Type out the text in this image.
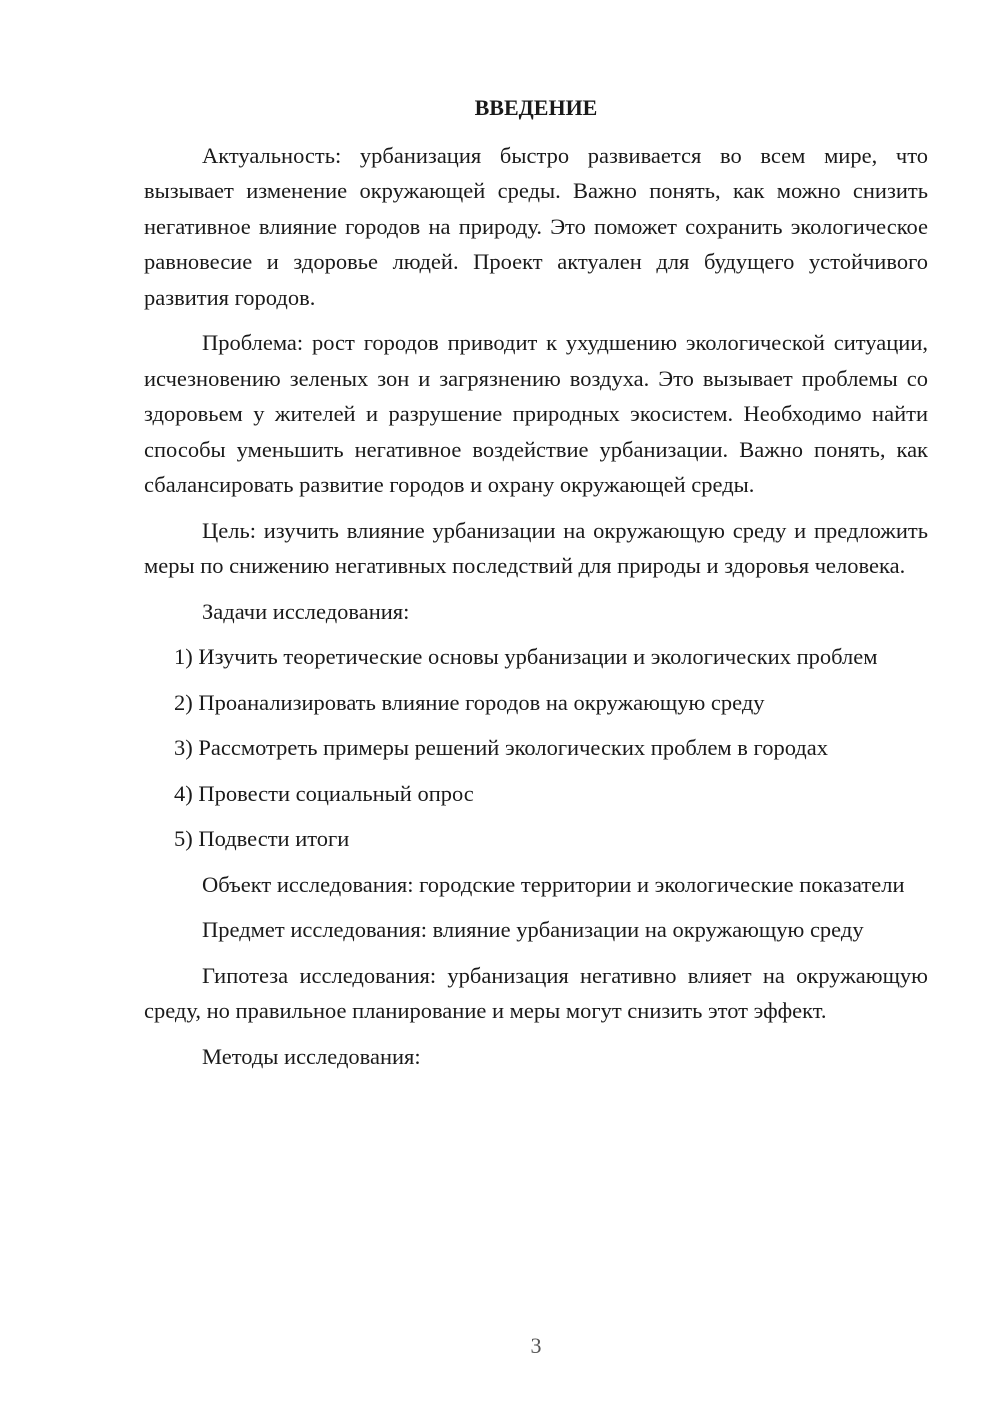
ВВЕДЕНИЕ

Актуальность: урбанизация быстро развивается во всем мире, что вызывает изменение окружающей среды. Важно понять, как можно снизить негативное влияние городов на природу. Это поможет сохранить экологическое равновесие и здоровье людей. Проект актуален для будущего устойчивого развития городов.

Проблема: рост городов приводит к ухудшению экологической ситуации, исчезновению зеленых зон и загрязнению воздуха. Это вызывает проблемы со здоровьем у жителей и разрушение природных экосистем. Необходимо найти способы уменьшить негативное воздействие урбанизации. Важно понять, как сбалансировать развитие городов и охрану окружающей среды.

Цель: изучить влияние урбанизации на окружающую среду и предложить меры по снижению негативных последствий для природы и здоровья человека.

Задачи исследования:

1) Изучить теоретические основы урбанизации и экологических проблем

2) Проанализировать влияние городов на окружающую среду

3) Рассмотреть примеры решений экологических проблем в городах

4) Провести социальный опрос

5) Подвести итоги

Объект исследования: городские территории и экологические показатели

Предмет исследования: влияние урбанизации на окружающую среду

Гипотеза исследования: урбанизация негативно влияет на окружающую среду, но правильное планирование и меры могут снизить этот эффект.

Методы исследования:

3
